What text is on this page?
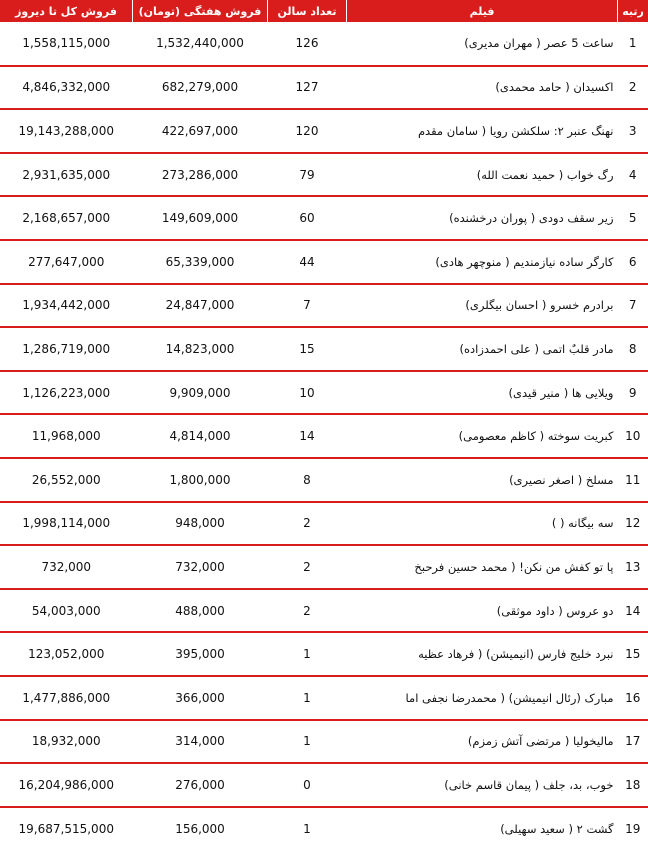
رتبه	فیلم	تعداد سالن	فروش هفتگی (تومان)	فروش کل تا دیروز
1	ساعت 5 عصر ( مهران مدیری)	126	1,532,440,000	1,558,115,000
2	اکسیدان ( حامد محمدی)	127	682,279,000	4,846,332,000
3	نهنگ عنبر ۲: سلکشن رویا ( سامان مقدم	120	422,697,000	19,143,288,000
4	رگ خواب ( حمید نعمت الله)	79	273,286,000	2,931,635,000
5	زیر سقف دودی ( پوران درخشنده)	60	149,609,000	2,168,657,000
6	کارگر ساده نیازمندیم ( منوچهر هادی)	44	65,339,000	277,647,000
7	برادرم خسرو ( احسان بیگلری)	7	24,847,000	1,934,442,000
8	مادر قلبٌ اتمی ( علی احمدزاده)	15	14,823,000	1,286,719,000
9	ویلایی ها ( منیر قیدی)	10	9,909,000	1,126,223,000
10	کبریت سوخته ( کاظم معصومی)	14	4,814,000	11,968,000
11	مسلخ ( اصغر نصیری)	8	1,800,000	26,552,000
12	سه بیگانه ( )	2	948,000	1,998,114,000
13	پا تو کفش من نکن! ( محمد حسین فرحبخ	2	732,000	732,000
14	دو عروس ( داود موثقی)	2	488,000	54,003,000
15	نبرد خلیج فارس (انیمیشن) ( فرهاد عظیه	1	395,000	123,052,000
16	مبارک (رئال انیمیشن) ( محمدرضا نجفی اما	1	366,000	1,477,886,000
17	مالیخولیا ( مرتضی آتش زمزم)	1	314,000	18,932,000
18	خوب، بد، جلف ( پیمان قاسم خانی)	0	276,000	16,204,986,000
19	گشت ۲ ( سعید سهیلی)	1	156,000	19,687,515,000
